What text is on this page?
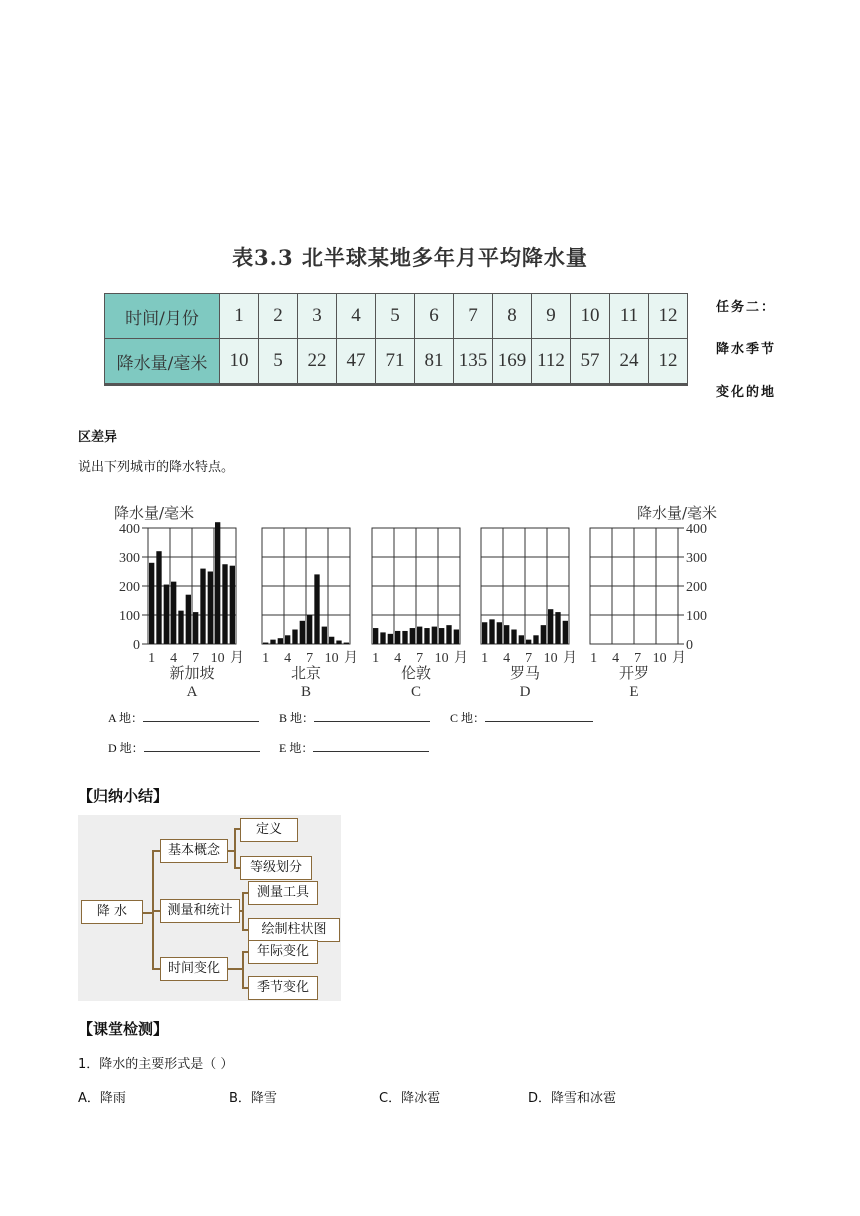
表3.3 北半球某地多年月平均降水量
时间/月份	1	2	3	4	5	6	7	8	9	10	11	12
降水量/毫米	10	5	22	47	71	81	135	169	112	57	24	12
任务二：
降水季节
变化的地
区差异
说出下列城市的降水特点。
降水量/毫米	降水量/毫米
400
300
200
100
0
400
300
200
100
0
1 4 7 10 月
新加坡
A
1 4 7 10 月
北京
B
1 4 7 10 月
伦敦
C
1 4 7 10 月
罗马
D
1 4 7 10 月
开罗
E
A 地：	B 地：	C 地：
D 地：	E 地：
【归纳小结】
降 水
基本概念
测量和统计
时间变化
定义
等级划分
测量工具
绘制柱状图
年际变化
季节变化
【课堂检测】
1．降水的主要形式是（ ）
A．降雨	B．降雪	C．降冰雹	D．降雪和冰雹
